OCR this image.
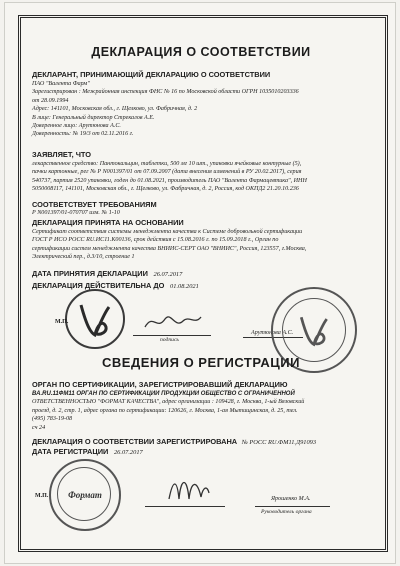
ДЕКЛАРАЦИЯ О СООТВЕТСТВИИ
ДЕКЛАРАНТ, ПРИНИМАЮЩИЙ ДЕКЛАРАЦИЮ О СООТВЕТСТВИИ
ПАО "Валента Фарм"
Зарегистрирован : Межрайонная инспекция ФНС № 16 по Московской области ОГРН 1035010203336
от 28.09.1994
Адрес: 141101, Московская обл., г. Щелково, ул. Фабричная, д. 2
В лице: Генеральный директор Стрекалов А.Е.
Доверенное лицо: Арутюнова А.С.
Доверенность: № 19/3 от 02.11.2016 г.
ЗАЯВЛЯЕТ, ЧТО
лекарственное средство: Пантокальцин, таблетки, 500 мг 10 шт., упаковки ячейковые контурные (5),
пачки картонные, рег № Р N001397/01 от 07.09.2007 (дата внесения изменений в РУ 20.02.2017), серия
540737, партия 2520 упаковки, годен до 01.08.2021, производитель ПАО "Валента Фармацевтика", ИНН
5050008117, 141101, Московская обл., г. Щелково, ул. Фабричная, д. 2, Россия, код ОКПД2 21.20.10.236
СООТВЕТСТВУЕТ ТРЕБОВАНИЯМ
Р N001397/01-070707 изм. № 1-10
ДЕКЛАРАЦИЯ ПРИНЯТА НА ОСНОВАНИИ
Сертификат соответствия системы менеджмента качества к Системе добровольной сертификации
ГОСТ Р ИСО РОСС RU.ИС11.К00136, срок действия с 15.08.2016 г. по 15.09.2018 г., Орган по
сертификации систем менеджмента качества ВНИИС-СЕРТ ОАО "ВНИИС", Россия, 123557, г.Москва,
Электрический пер., д.3/10, строение 1
ДАТА ПРИНЯТИЯ ДЕКЛАРАЦИИ 26.07.2017
ДЕКЛАРАЦИЯ ДЕЙСТВИТЕЛЬНА ДО 01.08.2021
М.П.
подпись
Арутюнова А.С.
СВЕДЕНИЯ О РЕГИСТРАЦИИ
ОРГАН ПО СЕРТИФИКАЦИИ, ЗАРЕГИСТРИРОВАВШИЙ ДЕКЛАРАЦИЮ
ВА.RU.11ФМ11 ОРГАН ПО СЕРТИФИКАЦИИ ПРОДУКЦИИ ОБЩЕСТВО С ОГРАНИЧЕННОЙ
ОТВЕТСТВЕННОСТЬЮ "ФОРМАТ КАЧЕСТВА", адрес организации : 109428, г. Москва, 1-ый Вязовский
проезд, д. 2, стр. 1, адрес органа по сертификации: 120626, г. Москва, 1-ая Мытищинская, д. 25, тел.
(495) 783-19-08
сч 24
ДЕКЛАРАЦИЯ О СООТВЕТСТВИИ ЗАРЕГИСТРИРОВАНА № РОСС RU.ФМ11.Д91093
ДАТА РЕГИСТРАЦИИ 26.07.2017
Формат
М.П.	Ярошенко М.А.
Руководитель органа
